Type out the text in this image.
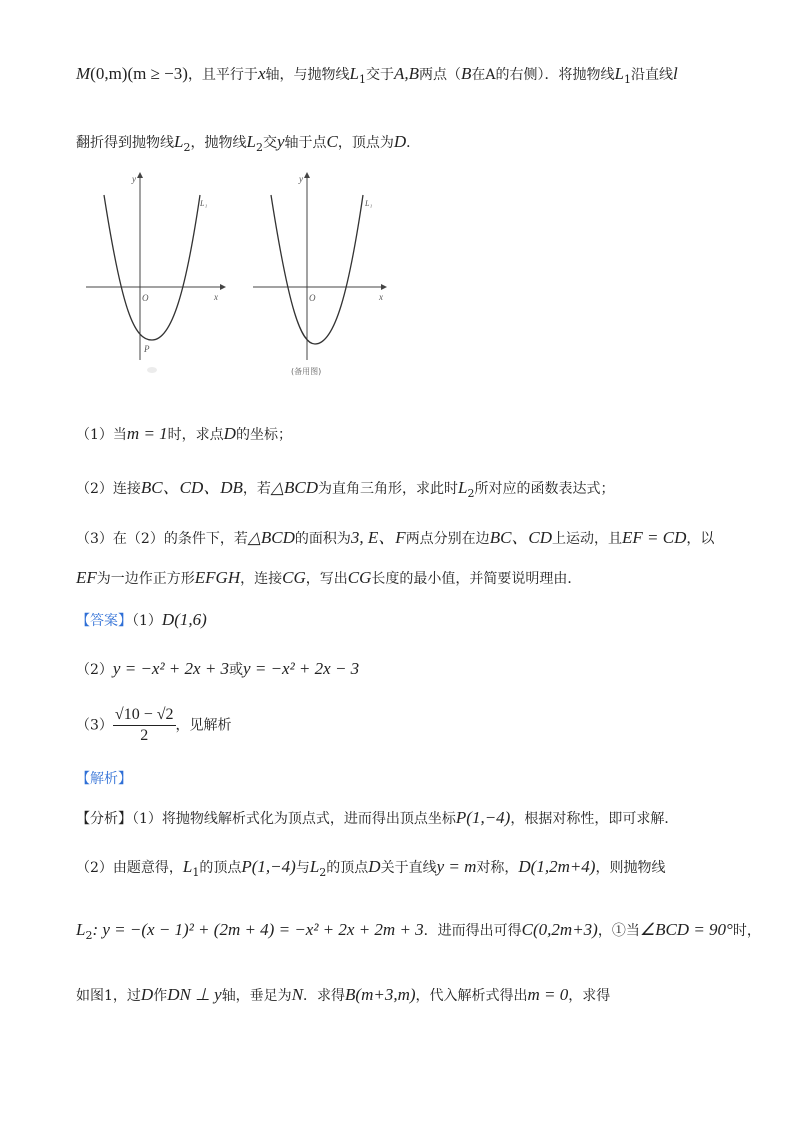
M(0,m)(m ≥ −3)，且平行于x轴，与抛物线$L_1$交于A,B两点（B在A的右侧）．将抛物线$L_1$沿直线l
翻折得到抛物线$L_2$，抛物线$L_2$交y轴于点C，顶点为D．
y
x
O
L₁
P
y
x
O
L₁
(备用图)
（1）当m = 1时，求点D的坐标；
（2）连接BC、CD、DB，若△BCD为直角三角形，求此时$L_2$所对应的函数表达式；
（3）在（2）的条件下，若△BCD的面积为3, E、F两点分别在边BC、CD上运动，且EF = CD，以
EF为一边作正方形EFGH，连接CG，写出CG长度的最小值，并简要说明理由．
【答案】（1）D(1,6)
（2）y = −x² + 2x + 3或y = −x² + 2x − 3
$(3) \frac{√10 - √2}{2}$ ，见解析
【解析】
【分析】（1）将抛物线解析式化为顶点式，进而得出顶点坐标P(1,−4)，根据对称性，即可求解．
（2）由题意得，$L_1$的顶点P(1,−4)与$L_2$的顶点D关于直线y = m对称，D(1,2m+4)，则抛物线
$L_2$: y = −(x − 1)² + (2m + 4) = −x² + 2x + 2m + 3．进而得出可得C(0,2m+3)，①当∠BCD = 90°时，
如图1，过D作DN ⊥ y轴，垂足为N．求得B(m+3,m)，代入解析式得出m = 0，求得
